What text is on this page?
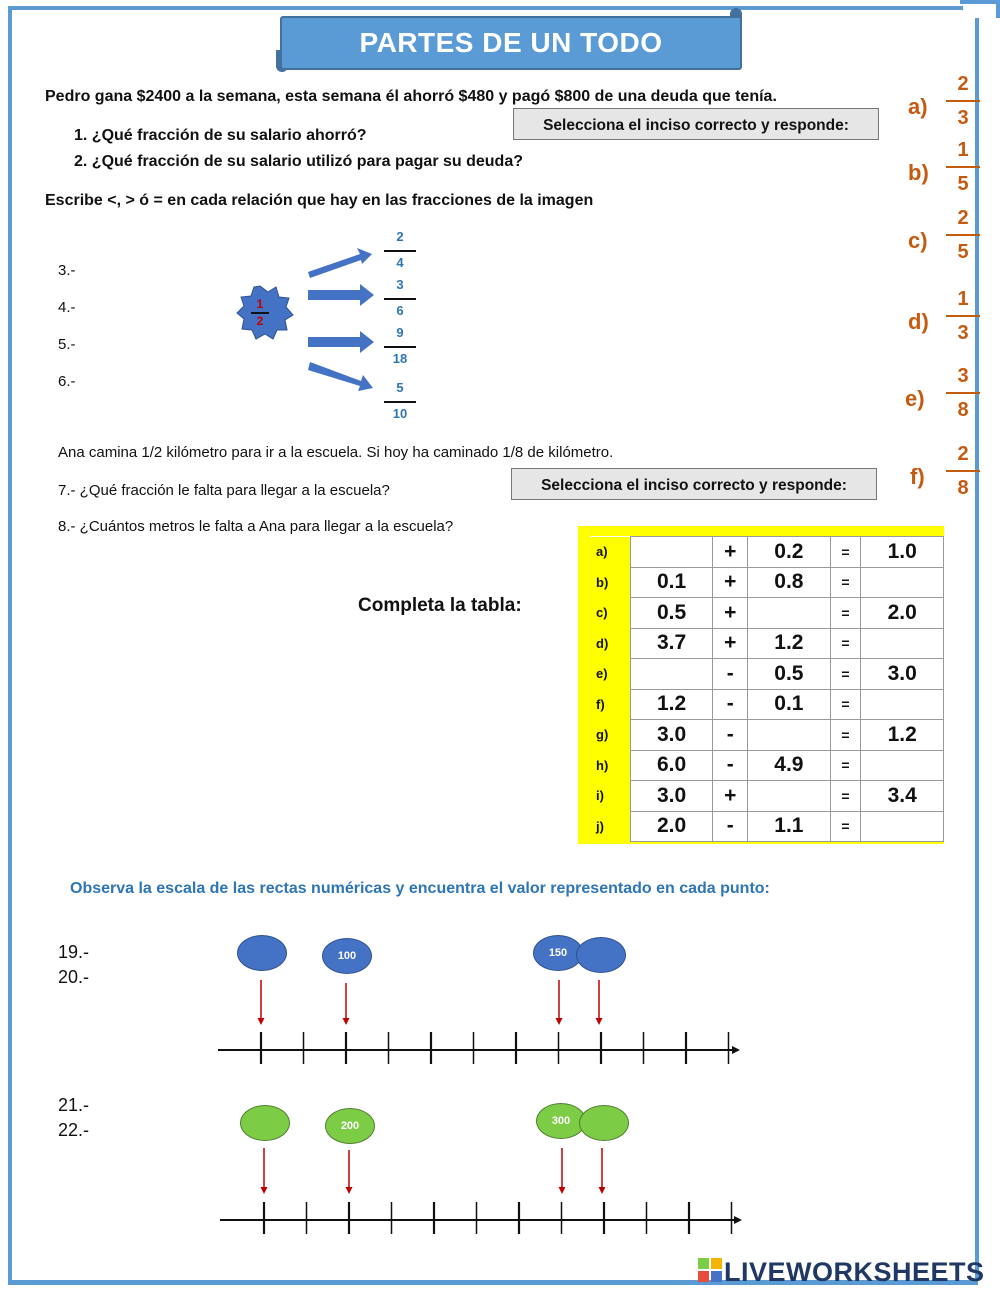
PARTES DE UN TODO
Pedro gana $2400 a la semana, esta semana él ahorró $480 y pagó $800 de una deuda que tenía.
Selecciona el inciso correcto y responde:
1. ¿Qué fracción de su salario ahorró?
2. ¿Qué fracción de su salario utilizó para pagar su deuda?
a)
2
3
b)
1
5
c)
2
5
d)
1
3
e)
3
8
f)
2
8
Escribe <, > ó = en cada relación que hay en las fracciones de la imagen
3.-
4.-
5.-
6.-
1
2
2
4
3
6
9
18
5
10
Ana camina 1/2 kilómetro para ir a la escuela. Si hoy ha caminado 1/8 de kilómetro.
7.- ¿Qué fracción le falta para llegar a la escuela?	Selecciona el inciso correcto y responde:
8.- ¿Cuántos metros le falta a Ana para llegar a la escuela?
Completa la tabla:
a)		+	0.2	=	1.0
b)	0.1	+	0.8	=	
c)	0.5	+		=	2.0
d)	3.7	+	1.2	=	
e)		-	0.5	=	3.0
f)	1.2	-	0.1	=	
g)	3.0	-		=	1.2
h)	6.0	-	4.9	=	
i)	3.0	+		=	3.4
j)	2.0	-	1.1	=	
Observa la escala de las rectas numéricas y encuentra el valor representado en cada punto:
19.-
20.-
100	150
21.-
22.-	200	300
LIVEWORKSHEETS
